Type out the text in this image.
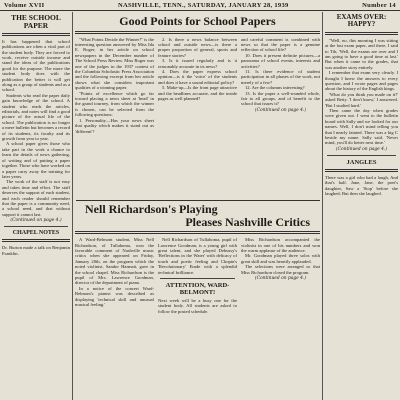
Volume XVII	NASHVILLE, TENN., SATURDAY, JANUARY 28, 1939	Number 14
THE SCHOOL PAPER

It has happened that school publications are often a vital part of the student body. They are forced to work, receive outside income and stand the ideas of the publications good for the purpose. The more the student body does with the publication the better it will get along as a group of students and as a school.

Students who read the paper daily gain knowledge of the school. A student who reads the articles, editorials, and notes will find a good picture of the actual life of the school. The publication is no longer a mere bulletin but becomes a record of its students, its faculty and its growth from year to year.

A school paper gives those who take part in the work a chance to learn the details of news gathering, of writing and of putting a paper together. Those who have worked on a paper carry away the training for later years.

The work of the staff is not easy and takes time and effort. The staff deserves the support of each student, and each reader should remember that the paper is a community need, a school need, and that without support it cannot last.

(Continued on page 4.)
CHAPEL NOTES

Dr. Burton made a talk on Benjamin Franklin.

Good Points for School Papers

"What Points Decide the Winner?" is the interesting question answered by Miss Ida E. Roger, in her article on school newspapers in the December number of The School Press Review. Miss Roger was one of the judges in the 1937 contest of the Columbia Scholastic Press Association and the following excerpt from her article shows what she considers important qualities of a winning paper.

"Points of excellence which go far toward placing a news sheet at 'head' in the grand tourney, from which the winner is chosen, can be selected from the following questions:

1. Personality—Has your news sheet that quality which makes it stand out as 'different'?

2. Is there a news balance between school and outside news—is there a proper proportion of general, sports and feature stories?

3. Is it issued regularly and is it reasonably accurate in its news?

4. Does the paper express school opinion—is it the 'voice' of the students and does it have a sound editorial policy?

5. Make-up—Is the front page attractive and the headlines accurate, and the inside pages as well planned?

and careful comment is combined with news so that the paper is a genuine reflection of school life?

10. Does it present definite pictures—a panorama of school events, interests and activities?

11. Is there evidence of student participation in all phases of the work, not merely of a few?

12. Are the columns interesting?

13. Is the paper a well-rounded whole, fair to all groups, and of benefit to the school that issues it?

(Continued on page 4.)
Nell Richardson's Playing
Pleases Nashville Critics

A Ward-Belmont student, Miss Nell Richardson, of Tullahoma, won the favorable comment of Nashville music critics when she appeared on Friday, January 20th, on the program which the noted violinist, Sandor Harmati, gave in the school chapel. Miss Richardson is the pupil of Mrs. Lawrence Goodman, director of the department of piano.

In a notice of the concert Ward-Belmont's pianist was described as displaying 'technical skill and unusual musical feeling.'

Nell Richardson of Tullahoma, pupil of Lawrence Goodman, is a young girl with great talent, and she played Debussy's 'Reflections in the Water' with delicacy of touch and poetic feeling and Chopin's 'Revolutionary' Etude with a splendid technical brilliance.

ATTENTION, WARD-BELMONT!

Next week will be a busy one for the student body. All students are asked to follow the posted schedule.

Miss Richardson accompanied the violinist in one of his numbers and won the warm applause of the audience.

Mr. Goodman played three solos with great skill and was heartily applauded.

The selections were arranged so that Miss Richardson closed the program.

(Continued on page 4.)
EXAMS OVER: HAPPY?

"Well, no, this morning I was sitting at the last exam paper, and there, I said to Tib, 'Well, the exams are over and I am going to have a good time at last.' But when it came to the grades, that was another story entirely.

I remember that exam very clearly. I thought I knew the answers to every question, and I wrote pages and pages about the history of the English kings.

'What do you think you made on it?' asked Betty. 'I don't know,' I answered. 'But I studied hard.'

Then came the day when grades were given out. I went to the bulletin board with Sally and we looked for our names. Well, I don't mind telling you that I nearly fainted. There was a big C beside my name. Sally said, 'Never mind, you'll do better next time.'

(Continued on page 4.)
JANGLES

There was a girl who had a laugh, And that's half. Jane, Jane, the poet's daughter, Saw a 'Stop' before she laughed; But then she laughed.
